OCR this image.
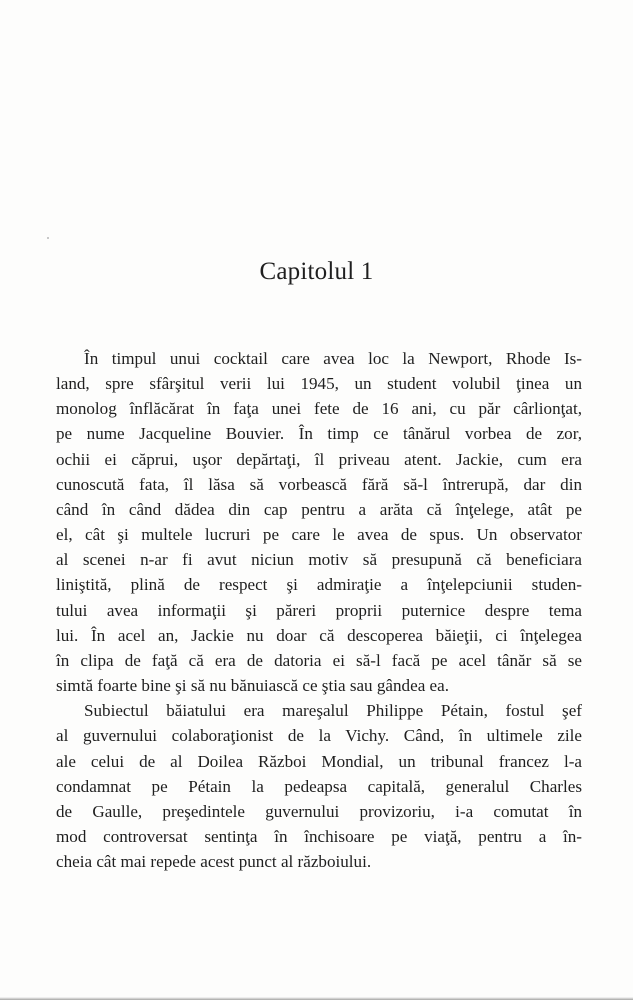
Capitolul 1
În timpul unui cocktail care avea loc la Newport, Rhode Is-
land, spre sfârşitul verii lui 1945, un student volubil ţinea un
monolog înflăcărat în faţa unei fete de 16 ani, cu păr cârlionţat,
pe nume Jacqueline Bouvier. În timp ce tânărul vorbea de zor,
ochii ei căprui, uşor depărtaţi, îl priveau atent. Jackie, cum era
cunoscută fata, îl lăsa să vorbească fără să-l întrerupă, dar din
când în când dădea din cap pentru a arăta că înţelege, atât pe
el, cât şi multele lucruri pe care le avea de spus. Un observator
al scenei n-ar fi avut niciun motiv să presupună că beneficiara
liniştită, plină de respect şi admiraţie a înţelepciunii studen-
tului avea informaţii şi păreri proprii puternice despre tema
lui. În acel an, Jackie nu doar că descoperea băieţii, ci înţelegea
în clipa de faţă că era de datoria ei să-l facă pe acel tânăr să se
simtă foarte bine şi să nu bănuiască ce ştia sau gândea ea.
Subiectul băiatului era mareşalul Philippe Pétain, fostul şef
al guvernului colaboraţionist de la Vichy. Când, în ultimele zile
ale celui de al Doilea Război Mondial, un tribunal francez l-a
condamnat pe Pétain la pedeapsa capitală, generalul Charles
de Gaulle, preşedintele guvernului provizoriu, i-a comutat în
mod controversat sentinţa în închisoare pe viaţă, pentru a în-
cheia cât mai repede acest punct al războiului.
